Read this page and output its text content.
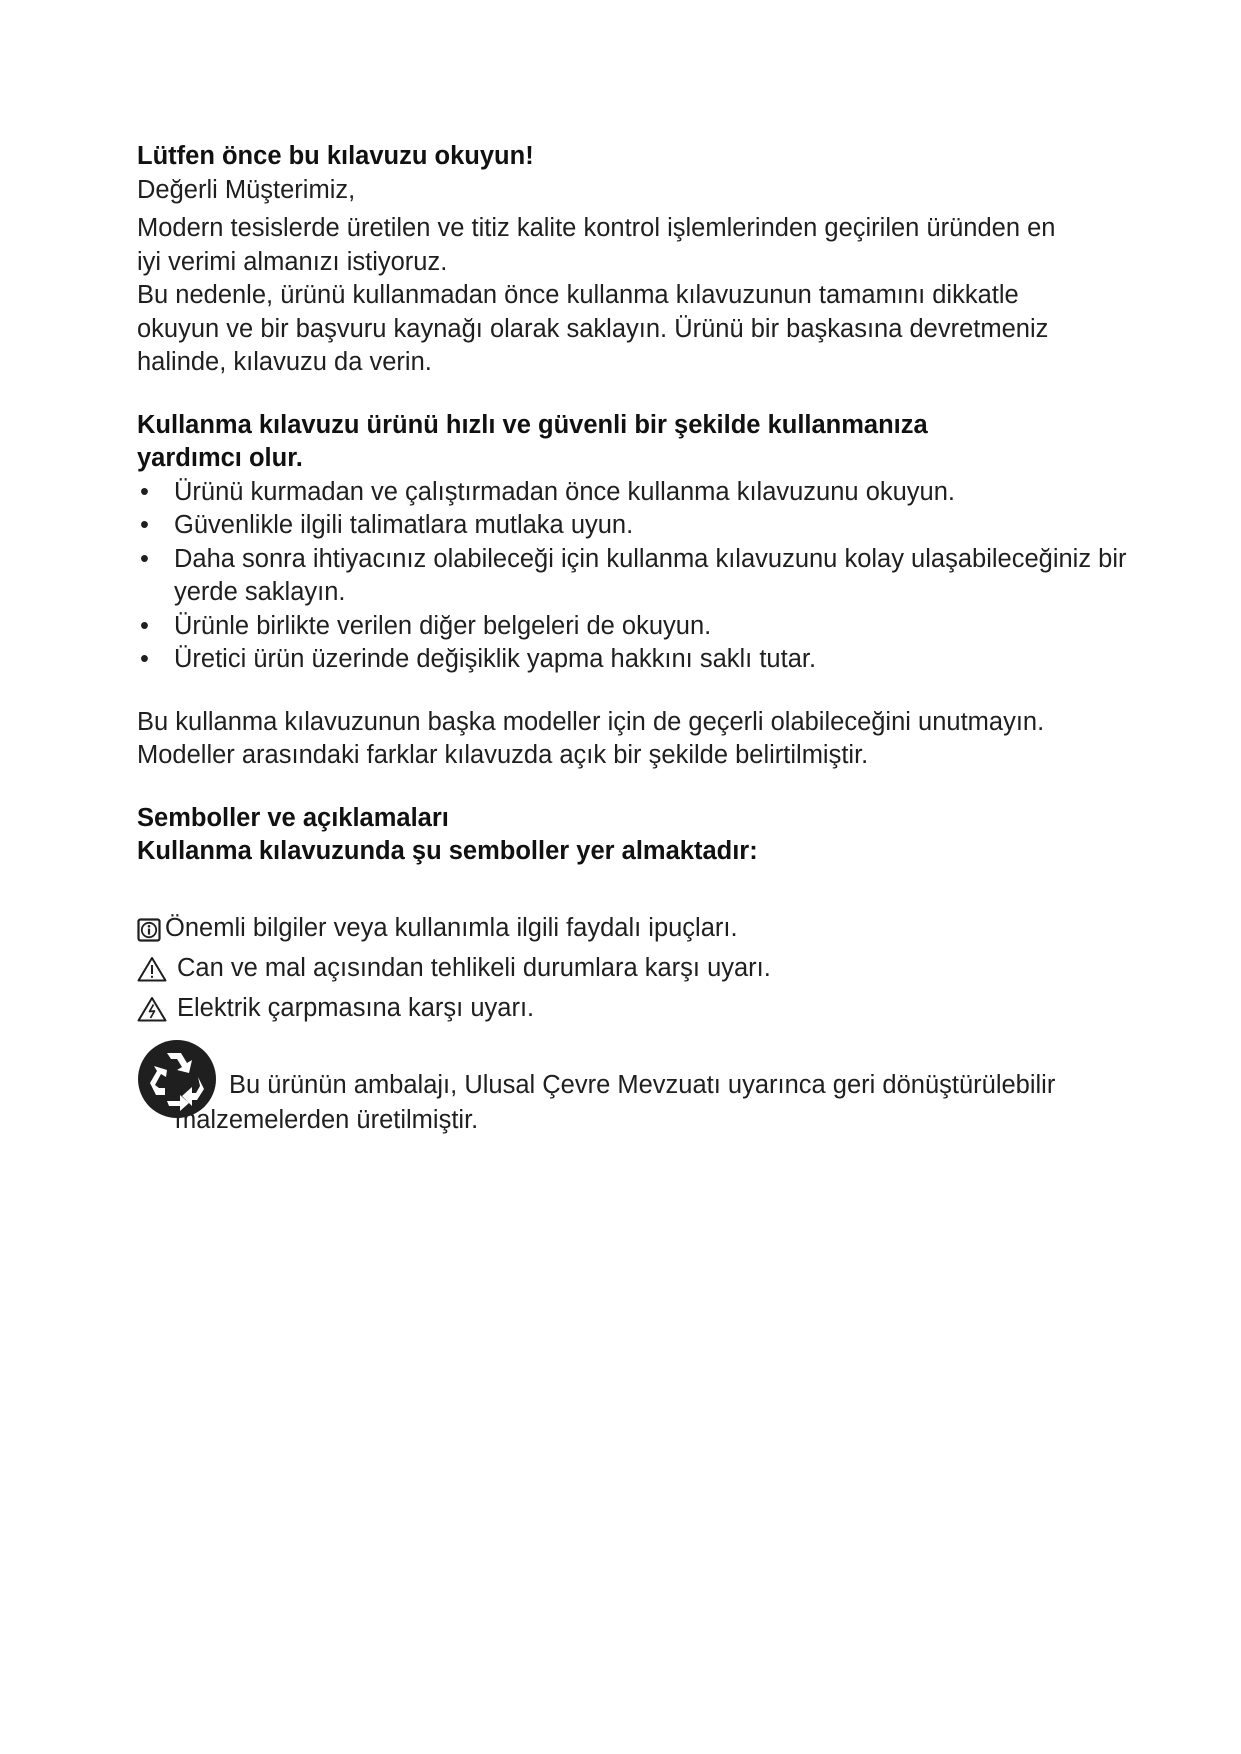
Lütfen önce bu kılavuzu okuyun!
Değerli Müşterimiz,
Modern tesislerde üretilen ve titiz kalite kontrol işlemlerinden geçirilen üründen en
iyi verimi almanızı istiyoruz.
Bu nedenle, ürünü kullanmadan önce kullanma kılavuzunun tamamını dikkatle
okuyun ve bir başvuru kaynağı olarak saklayın. Ürünü bir başkasına devretmeniz
halinde, kılavuzu da verin.
Kullanma kılavuzu ürünü hızlı ve güvenli bir şekilde kullanmanıza
yardımcı olur.
• Ürünü kurmadan ve çalıştırmadan önce kullanma kılavuzunu okuyun.
• Güvenlikle ilgili talimatlara mutlaka uyun.
• Daha sonra ihtiyacınız olabileceği için kullanma kılavuzunu kolay ulaşabileceğiniz bir
yerde saklayın.
• Ürünle birlikte verilen diğer belgeleri de okuyun.
• Üretici ürün üzerinde değişiklik yapma hakkını saklı tutar.
Bu kullanma kılavuzunun başka modeller için de geçerli olabileceğini unutmayın.
Modeller arasındaki farklar kılavuzda açık bir şekilde belirtilmiştir.
Semboller ve açıklamaları
Kullanma kılavuzunda şu semboller yer almaktadır:
Önemli bilgiler veya kullanımla ilgili faydalı ipuçları.
Can ve mal açısından tehlikeli durumlara karşı uyarı.
Elektrik çarpmasına karşı uyarı.
Bu ürünün ambalajı, Ulusal Çevre Mevzuatı uyarınca geri dönüştürülebilir
malzemelerden üretilmiştir.
